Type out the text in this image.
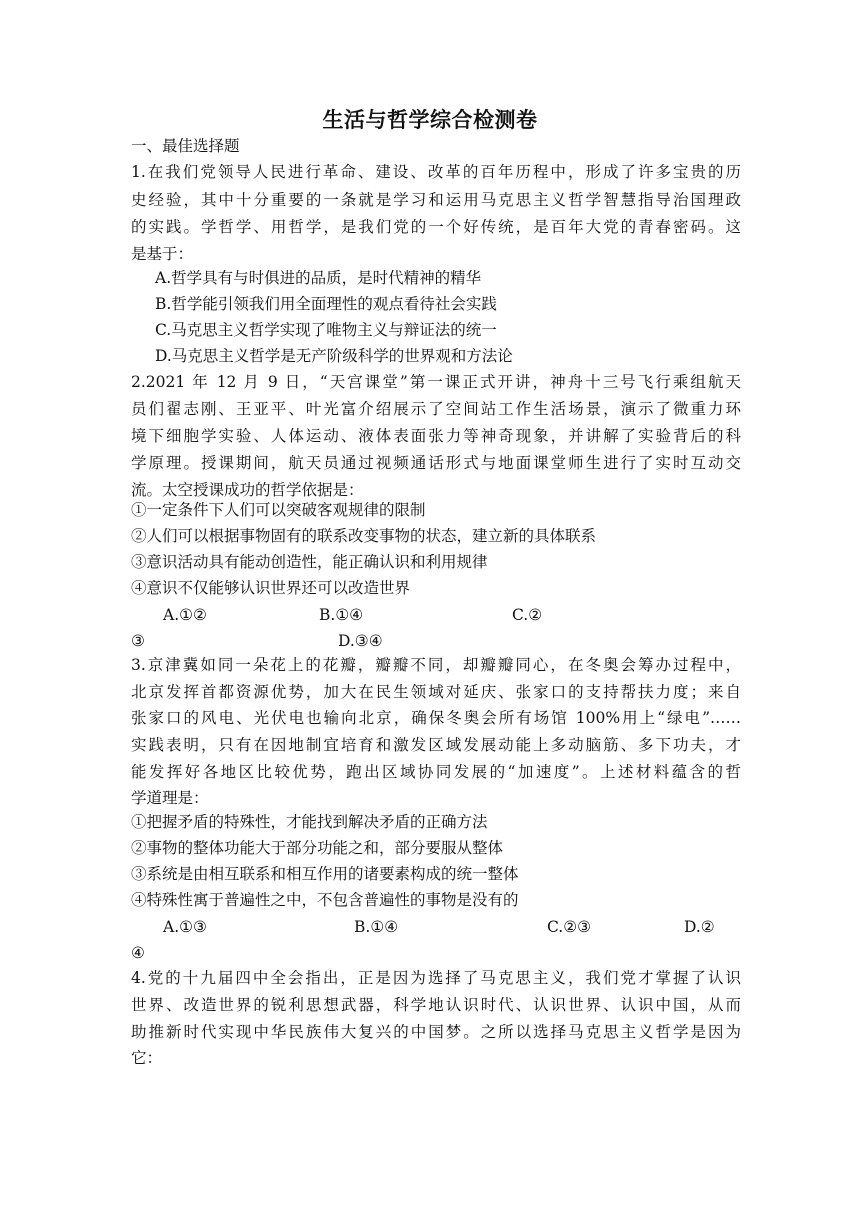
生活与哲学综合检测卷
一、最佳选择题
1.在我们党领导人民进行革命、建设、改革的百年历程中，形成了许多宝贵的历
史经验，其中十分重要的一条就是学习和运用马克思主义哲学智慧指导治国理政
的实践。学哲学、用哲学，是我们党的一个好传统，是百年大党的青春密码。这
是基于：
A.哲学具有与时俱进的品质，是时代精神的精华
B.哲学能引领我们用全面理性的观点看待社会实践
C.马克思主义哲学实现了唯物主义与辩证法的统一
D.马克思主义哲学是无产阶级科学的世界观和方法论
2.2021 年 12 月 9 日，“天宫课堂”第一课正式开讲，神舟十三号飞行乘组航天
员们翟志刚、王亚平、叶光富介绍展示了空间站工作生活场景，演示了微重力环
境下细胞学实验、人体运动、液体表面张力等神奇现象，并讲解了实验背后的科
学原理。授课期间，航天员通过视频通话形式与地面课堂师生进行了实时互动交
流。太空授课成功的哲学依据是：
①一定条件下人们可以突破客观规律的限制
②人们可以根据事物固有的联系改变事物的状态，建立新的具体联系
③意识活动具有能动创造性，能正确认识和利用规律
④意识不仅能够认识世界还可以改造世界
A.①②	B.①④	C.②
③	D.③④
3.京津冀如同一朵花上的花瓣，瓣瓣不同，却瓣瓣同心，在冬奥会筹办过程中，
北京发挥首都资源优势，加大在民生领域对延庆、张家口的支持帮扶力度；来自
张家口的风电、光伏电也输向北京，确保冬奥会所有场馆 100%用上“绿电”……
实践表明，只有在因地制宜培育和激发区域发展动能上多动脑筋、多下功夫，才
能发挥好各地区比较优势，跑出区域协同发展的“加速度”。上述材料蕴含的哲
学道理是：
①把握矛盾的特殊性，才能找到解决矛盾的正确方法
②事物的整体功能大于部分功能之和，部分要服从整体
③系统是由相互联系和相互作用的诸要素构成的统一整体
④特殊性寓于普遍性之中，不包含普遍性的事物是没有的
A.①③	B.①④	C.②③	D.②
④
4.党的十九届四中全会指出，正是因为选择了马克思主义，我们党才掌握了认识
世界、改造世界的锐利思想武器，科学地认识时代、认识世界、认识中国，从而
助推新时代实现中华民族伟大复兴的中国梦。之所以选择马克思主义哲学是因为
它：
